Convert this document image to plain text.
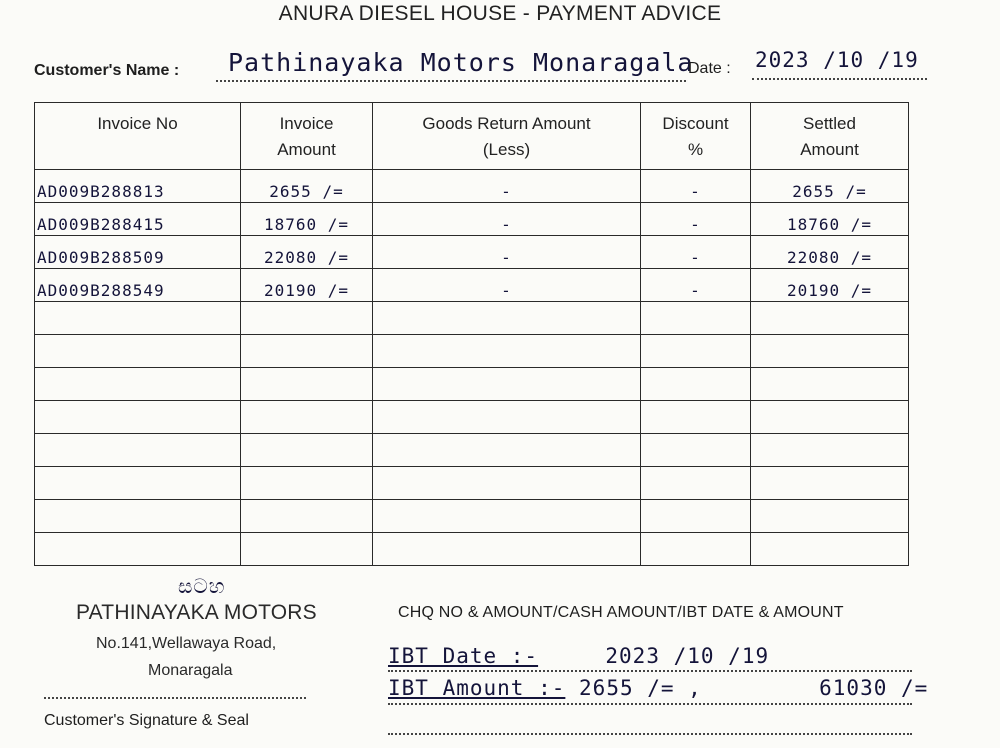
ANURA DIESEL HOUSE - PAYMENT ADVICE
Customer's Name : Pathinayaka Motors Monaragala
Date : 2023 /10 /19
Invoice No	Invoice Amount	Goods Return Amount (Less)	Discount %	Settled Amount
AD009B288813	2655 /=	-	-	2655 /=
AD009B288415	18760 /=	-	-	18760 /=
AD009B288509	22080 /=	-	-	22080 /=
AD009B288549	20190 /=	-	-	20190 /=

සටහ
PATHINAYAKA MOTORS
No.141,Wellawaya Road,
Monaragala
Customer's Signature & Seal
CHQ NO & AMOUNT/CASH AMOUNT/IBT DATE & AMOUNT
IBT Date :-	2023 /10 /19
IBT Amount :- 2655 /= ,	61030 /=
